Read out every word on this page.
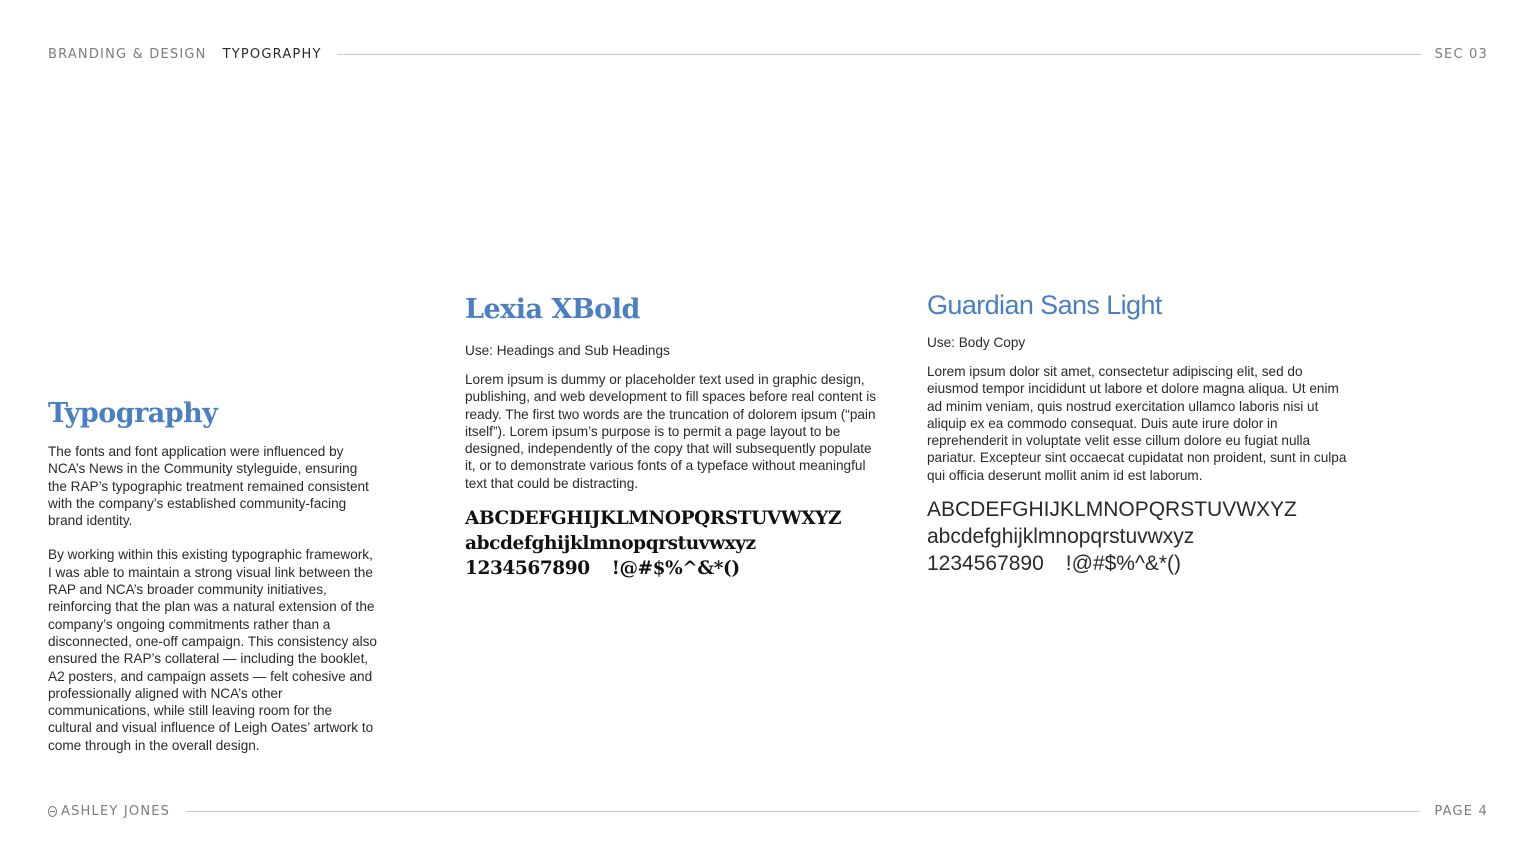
BRANDING & DESIGN TYPOGRAPHY	SEC 03
Typography

The fonts and font application were influenced by NCA’s News in the Community styleguide, ensuring the RAP’s typographic treatment remained consistent with the company’s established community-facing brand identity.

By working within this existing typographic framework, I was able to maintain a strong visual link between the RAP and NCA’s broader community initiatives, reinforcing that the plan was a natural extension of the company’s ongoing commitments rather than a disconnected, one-off campaign. This consistency also ensured the RAP’s collateral — including the booklet, A2 posters, and campaign assets — felt cohesive and professionally aligned with NCA’s other communications, while still leaving room for the cultural and visual influence of Leigh Oates’ artwork to come through in the overall design.

Lexia XBold

Use: Headings and Sub Headings

Lorem ipsum is dummy or placeholder text used in graphic design, publishing, and web development to fill spaces before real content is ready. The first two words are the truncation of dolorem ipsum (“pain itself”). Lorem ipsum’s purpose is to permit a page layout to be designed, independently of the copy that will subsequently populate it, or to demonstrate various fonts of a typeface without meaningful text that could be distracting.

ABCDEFGHIJKLMNOPQRSTUVWXYZ
abcdefghijklmnopqrstuvwxyz
1234567890 !@#$%^&*()
Guardian Sans Light

Use: Body Copy

Lorem ipsum dolor sit amet, consectetur adipiscing elit, sed do eiusmod tempor incididunt ut labore et dolore magna aliqua. Ut enim ad minim veniam, quis nostrud exercitation ullamco laboris nisi ut aliquip ex ea commodo consequat. Duis aute irure dolor in reprehenderit in voluptate velit esse cillum dolore eu fugiat nulla pariatur. Excepteur sint occaecat cupidatat non proident, sunt in culpa qui officia deserunt mollit anim id est laborum.

ABCDEFGHIJKLMNOPQRSTUVWXYZ
abcdefghijklmnopqrstuvwxyz
1234567890 !@#$%^&*()
ASHLEY JONES	PAGE 4
